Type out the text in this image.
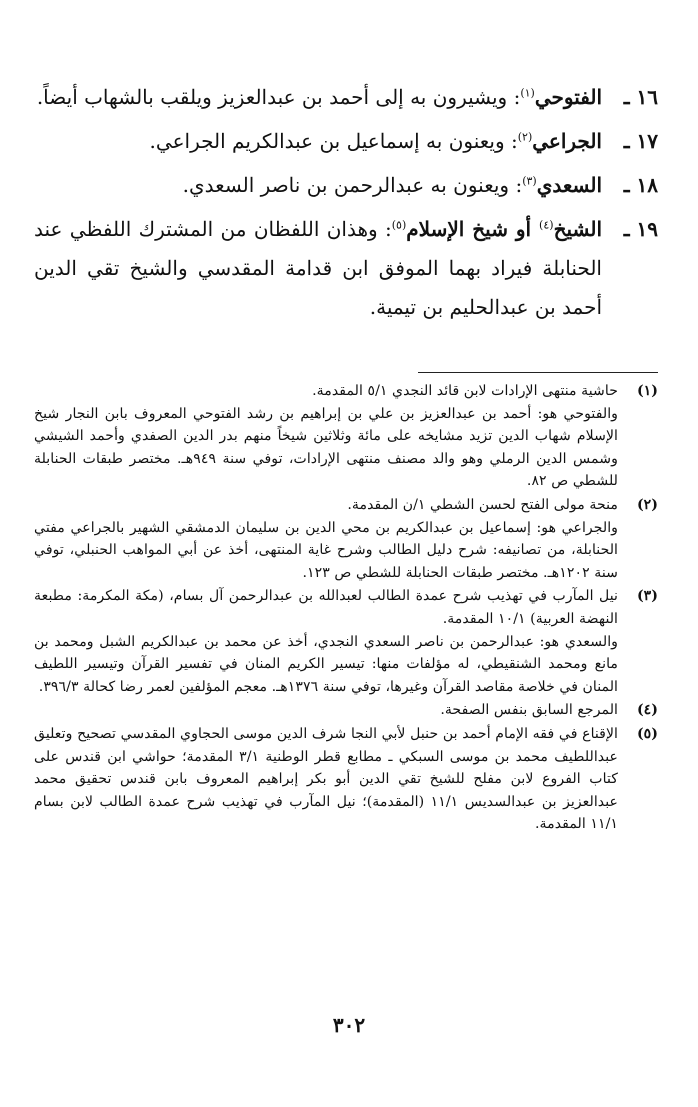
١٦ ـ
الفتوحي$^{(١)}$: ويشيرون به إلى أحمد بن عبدالعزيز ويلقب بالشهاب أيضاً.
١٧ ـ
الجراعي$^{(٢)}$: ويعنون به إسماعيل بن عبدالكريم الجراعي.
١٨ ـ
السعدي$^{(٣)}$: ويعنون به عبدالرحمن بن ناصر السعدي.
١٩ ـ
الشيخ$^{(٤)}$ أو شيخ الإسلام$^{(٥)}$: وهذان اللفظان من المشترك اللفظي عند الحنابلة فيراد بهما الموفق ابن قدامة المقدسي والشيخ تقي الدين أحمد بن عبدالحليم بن تيمية.
(١)

حاشية منتهى الإرادات لابن قائد النجدي ٥/١ المقدمة.

والفتوحي هو: أحمد بن عبدالعزيز بن علي بن إبراهيم بن رشد الفتوحي المعروف بابن النجار شيخ الإسلام شهاب الدين تزيد مشايخه على مائة وثلاثين شيخاً منهم بدر الدين الصفدي وأحمد الشيشي وشمس الدين الرملي وهو والد مصنف منتهى الإرادات، توفي سنة ٩٤٩هـ. مختصر طبقات الحنابلة للشطي ص ٨٢.

(٢)

منحة مولى الفتح لحسن الشطي ١/ن المقدمة.

والجراعي هو: إسماعيل بن عبدالكريم بن محي الدين بن سليمان الدمشقي الشهير بالجراعي مفتي الحنابلة، من تصانيفه: شرح دليل الطالب وشرح غاية المنتهى، أخذ عن أبي المواهب الحنبلي، توفي سنة ١٢٠٢هـ. مختصر طبقات الحنابلة للشطي ص ١٢٣.

(٣)

نيل المآرب في تهذيب شرح عمدة الطالب لعبدالله بن عبدالرحمن آل بسام، (مكة المكرمة: مطبعة النهضة العربية) ١٠/١ المقدمة.

والسعدي هو: عبدالرحمن بن ناصر السعدي النجدي، أخذ عن محمد بن عبدالكريم الشبل ومحمد بن مانع ومحمد الشنقيطي، له مؤلفات منها: تيسير الكريم المنان في تفسير القرآن وتيسير اللطيف المنان في خلاصة مقاصد القرآن وغيرها، توفي سنة ١٣٧٦هـ. معجم المؤلفين لعمر رضا كحالة ٣٩٦/٣.

(٤)

المرجع السابق بنفس الصفحة.

(٥)

الإقناع في فقه الإمام أحمد بن حنبل لأبي النجا شرف الدين موسى الحجاوي المقدسي تصحيح وتعليق عبداللطيف محمد بن موسى السبكي ـ مطابع قطر الوطنية ٣/١ المقدمة؛ حواشي ابن قندس على كتاب الفروع لابن مفلح للشيخ تقي الدين أبو بكر إبراهيم المعروف بابن قندس تحقيق محمد عبدالعزيز بن عبدالسديس ١١/١ (المقدمة)؛ نيل المآرب في تهذيب شرح عمدة الطالب لابن بسام ١١/١ المقدمة.

٣٠٢
